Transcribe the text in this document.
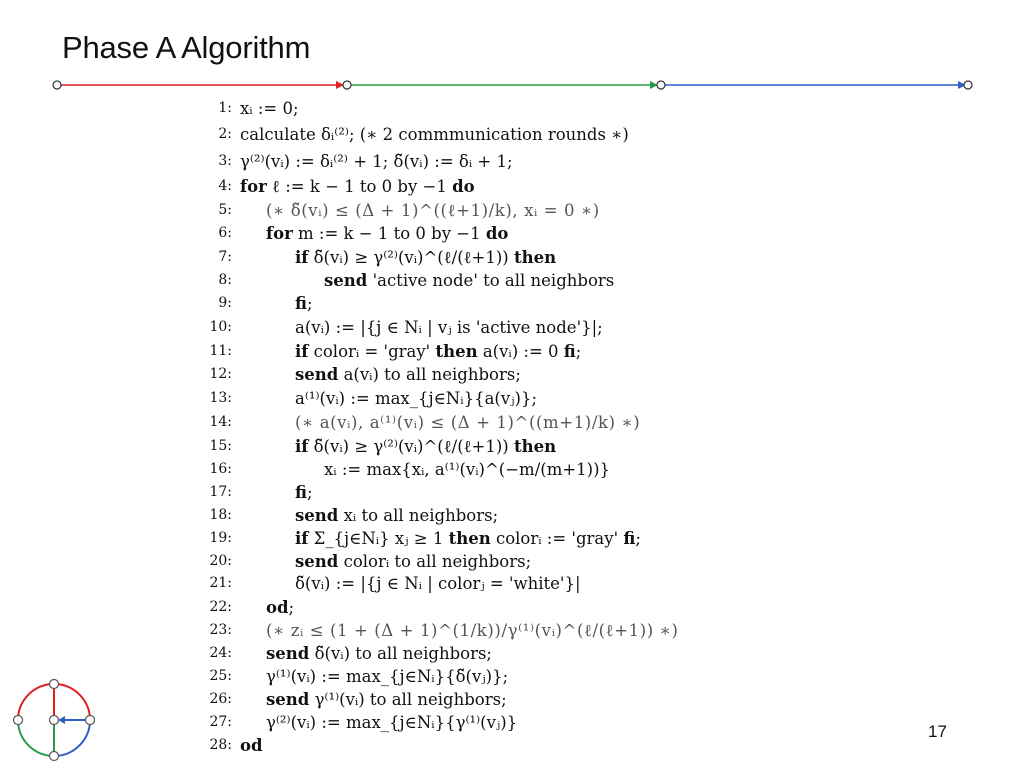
Phase A Algorithm
1: xᵢ := 0;
2: calculate δᵢ⁽²⁾; (∗ 2 commmunication rounds ∗)
3: γ⁽²⁾(vᵢ) := δᵢ⁽²⁾ + 1; δ̃(vᵢ) := δᵢ + 1;
4: for ℓ := k − 1 to 0 by −1 do
5: (∗ δ̃(vᵢ) ≤ (Δ + 1)^((ℓ+1)/k), xᵢ = 0 ∗)
6: for m := k − 1 to 0 by −1 do
7:	if δ̃(vᵢ) ≥ γ⁽²⁾(vᵢ)^(ℓ/(ℓ+1)) then
8:	send 'active node' to all neighbors
9:	fi;
10:	a(vᵢ) := |{j ∈ Nᵢ | vⱼ is 'active node'}|;
11:	if colorᵢ = 'gray' then a(vᵢ) := 0 fi;
12:	send a(vᵢ) to all neighbors;
13:	a⁽¹⁾(vᵢ) := max_{j∈Nᵢ}{a(vⱼ)};
14:	(∗ a(vᵢ), a⁽¹⁾(vᵢ) ≤ (Δ + 1)^((m+1)/k) ∗)
15:	if δ̃(vᵢ) ≥ γ⁽²⁾(vᵢ)^(ℓ/(ℓ+1)) then
16:	xᵢ := max{xᵢ, a⁽¹⁾(vᵢ)^(−m/(m+1))}
17:	fi;
18:	send xᵢ to all neighbors;
19:	if Σ_{j∈Nᵢ} xⱼ ≥ 1 then colorᵢ := 'gray' fi;
20:	send colorᵢ to all neighbors;
21:	δ̃(vᵢ) := |{j ∈ Nᵢ | colorⱼ = 'white'}|
22: od;
23: (∗ zᵢ ≤ (1 + (Δ + 1)^(1/k))/γ⁽¹⁾(vᵢ)^(ℓ/(ℓ+1)) ∗)
24: send δ̃(vᵢ) to all neighbors;
25: γ⁽¹⁾(vᵢ) := max_{j∈Nᵢ}{δ̃(vⱼ)};
26: send γ⁽¹⁾(vᵢ) to all neighbors;
27: γ⁽²⁾(vᵢ) := max_{j∈Nᵢ}{γ⁽¹⁾(vⱼ)}
28: od
17
